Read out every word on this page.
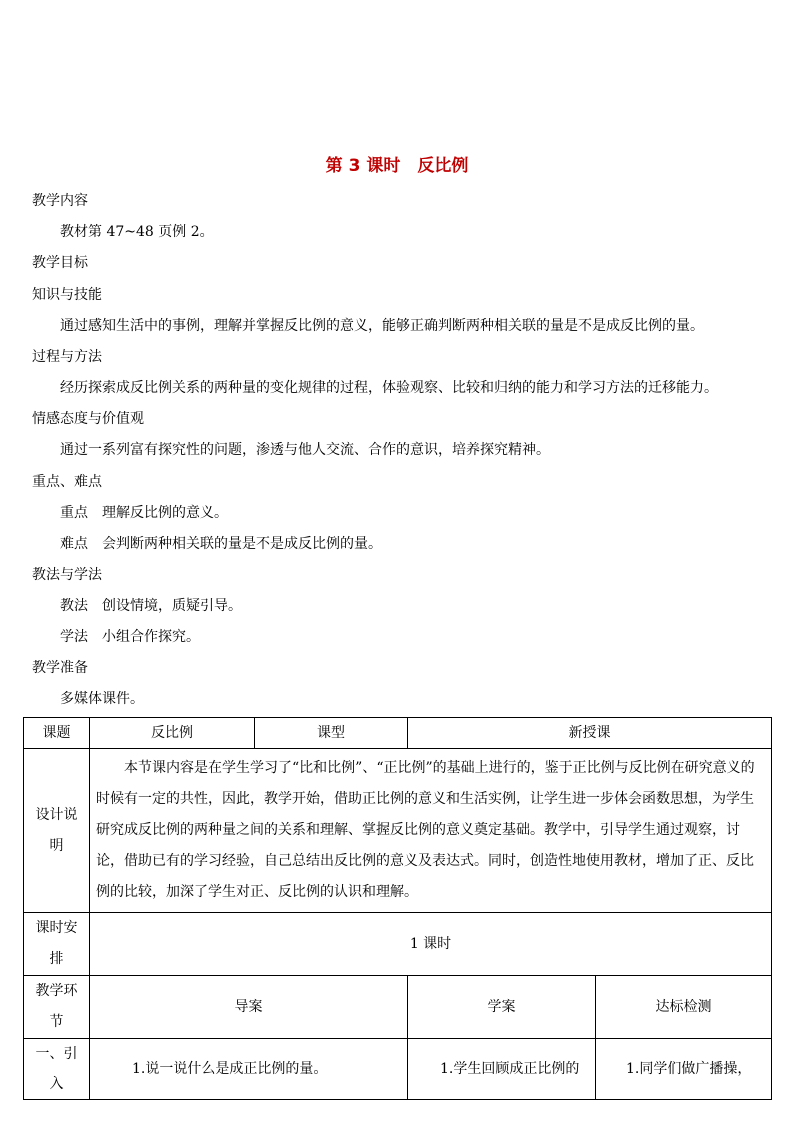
第 3 课时　反比例
教学内容
教材第 47~48 页例 2。
教学目标
知识与技能
通过感知生活中的事例，理解并掌握反比例的意义，能够正确判断两种相关联的量是不是成反比例的量。
过程与方法
经历探索成反比例关系的两种量的变化规律的过程，体验观察、比较和归纳的能力和学习方法的迁移能力。
情感态度与价值观
通过一系列富有探究性的问题，渗透与他人交流、合作的意识，培养探究精神。
重点、难点
重点　理解反比例的意义。
难点　会判断两种相关联的量是不是成反比例的量。
教法与学法
教法　创设情境，质疑引导。
学法　小组合作探究。
教学准备
多媒体课件。
课题	反比例	课型	新授课	
设计说明	本节课内容是在学生学习了“比和比例”、“正比例”的基础上进行的，鉴于正比例与反比例在研究意义的时候有一定的共性，因此，教学开始，借助正比例的意义和生活实例，让学生进一步体会函数思想，为学生研究成反比例的两种量之间的关系和理解、掌握反比例的意义奠定基础。教学中，引导学生通过观察，讨论，借助已有的学习经验，自己总结出反比例的意义及表达式。同时，创造性地使用教材，增加了正、反比例的比较，加深了学生对正、反比例的认识和理解。			
课时安排	1 课时			
教学环节	导案		学案	达标检测
一、引入	1.说一说什么是成正比例的量。		1.学生回顾成正比例的	1.同学们做广播操，
